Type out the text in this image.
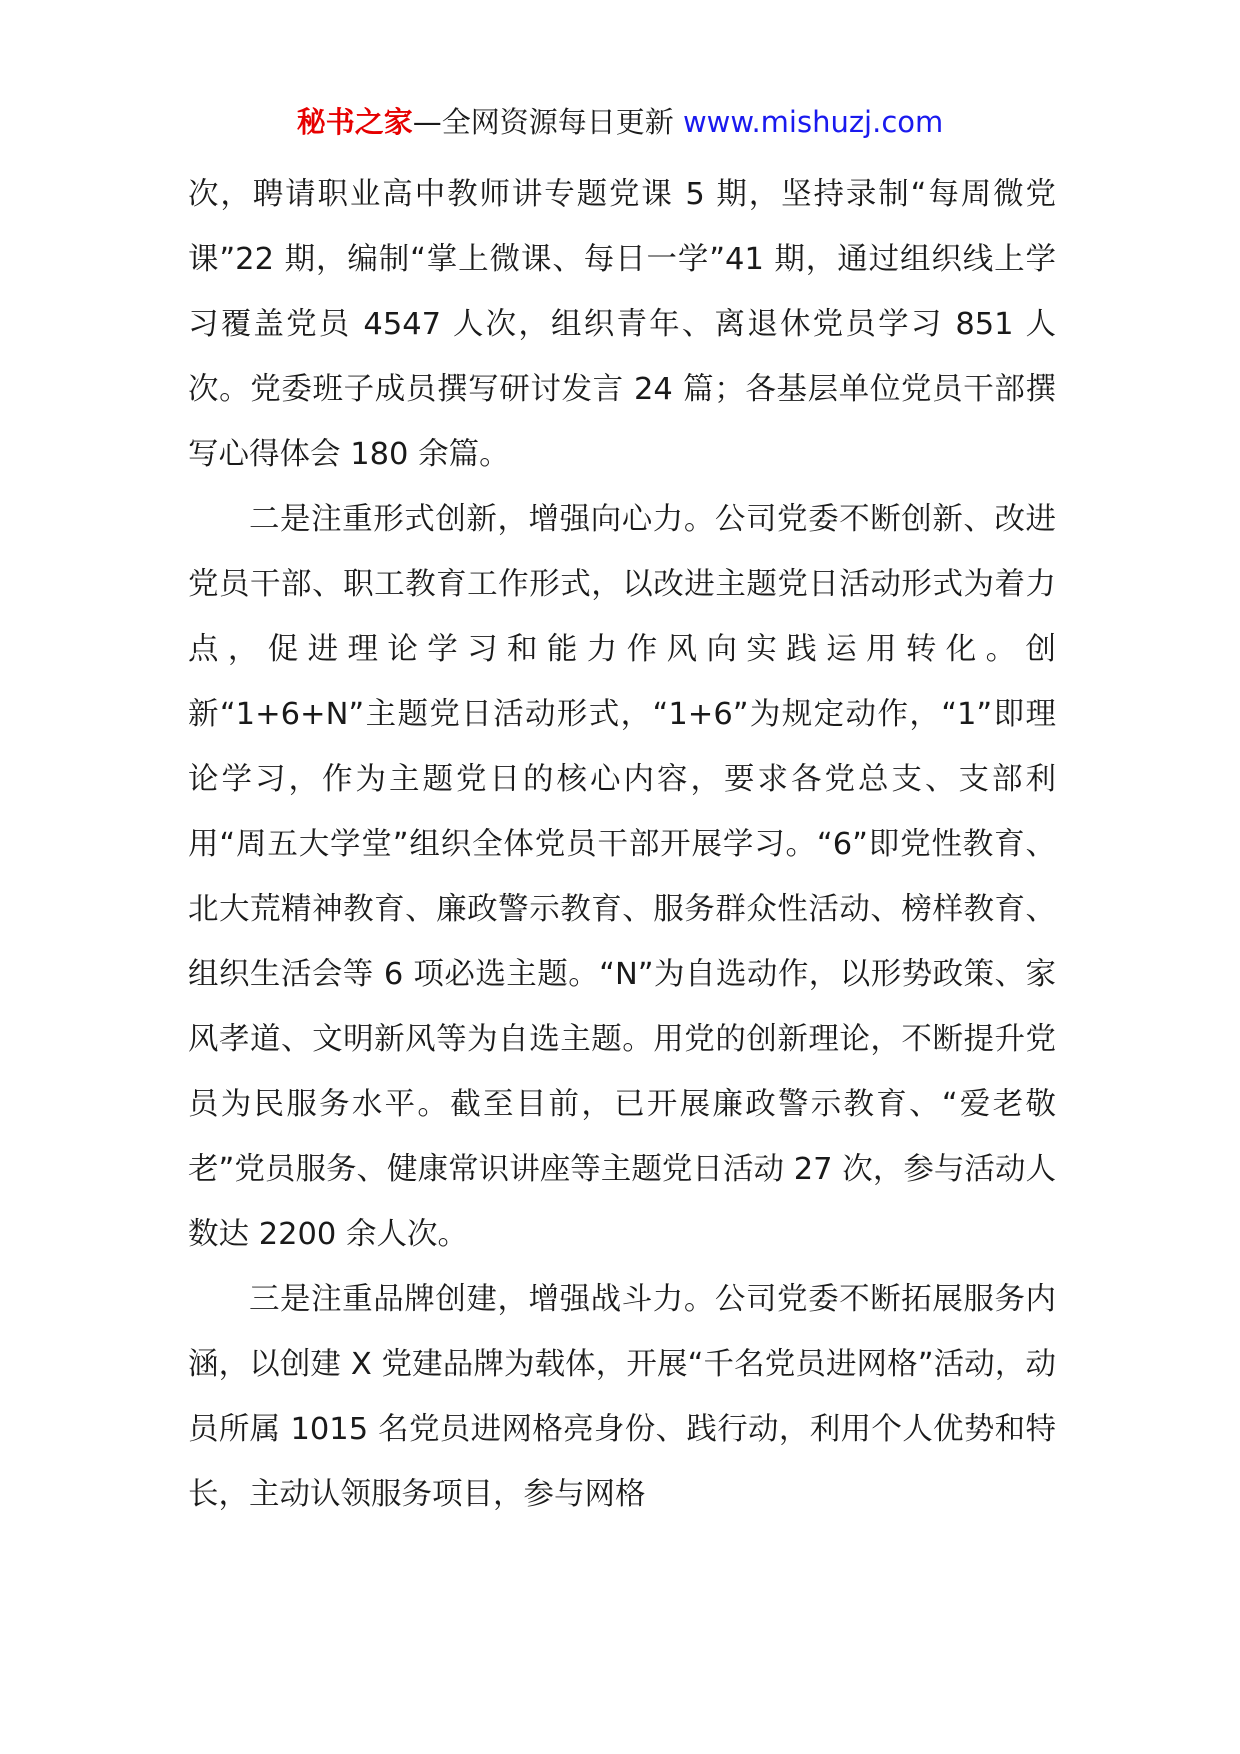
秘书之家—全网资源每日更新 www.mishuzj.com

次，聘请职业高中教师讲专题党课 5 期，坚持录制“每周微党课”22 期，编制“掌上微课、每日一学”41 期，通过组织线上学习覆盖党员 4547 人次，组织青年、离退休党员学习 851 人次。党委班子成员撰写研讨发言 24 篇；各基层单位党员干部撰写心得体会 180 余篇。

二是注重形式创新，增强向心力。公司党委不断创新、改进党员干部、职工教育工作形式，以改进主题党日活动形式为着力点，促进理论学习和能力作风向实践运用转化。创新“1+6+N”主题党日活动形式，“1+6”为规定动作，“1”即理论学习，作为主题党日的核心内容，要求各党总支、支部利用“周五大学堂”组织全体党员干部开展学习。“6”即党性教育、北大荒精神教育、廉政警示教育、服务群众性活动、榜样教育、组织生活会等 6 项必选主题。“N”为自选动作，以形势政策、家风孝道、文明新风等为自选主题。用党的创新理论，不断提升党员为民服务水平。截至目前，已开展廉政警示教育、“爱老敬老”党员服务、健康常识讲座等主题党日活动 27 次，参与活动人数达 2200 余人次。

三是注重品牌创建，增强战斗力。公司党委不断拓展服务内涵，以创建 X 党建品牌为载体，开展“千名党员进网格”活动，动员所属 1015 名党员进网格亮身份、践行动，利用个人优势和特长，主动认领服务项目，参与网格
